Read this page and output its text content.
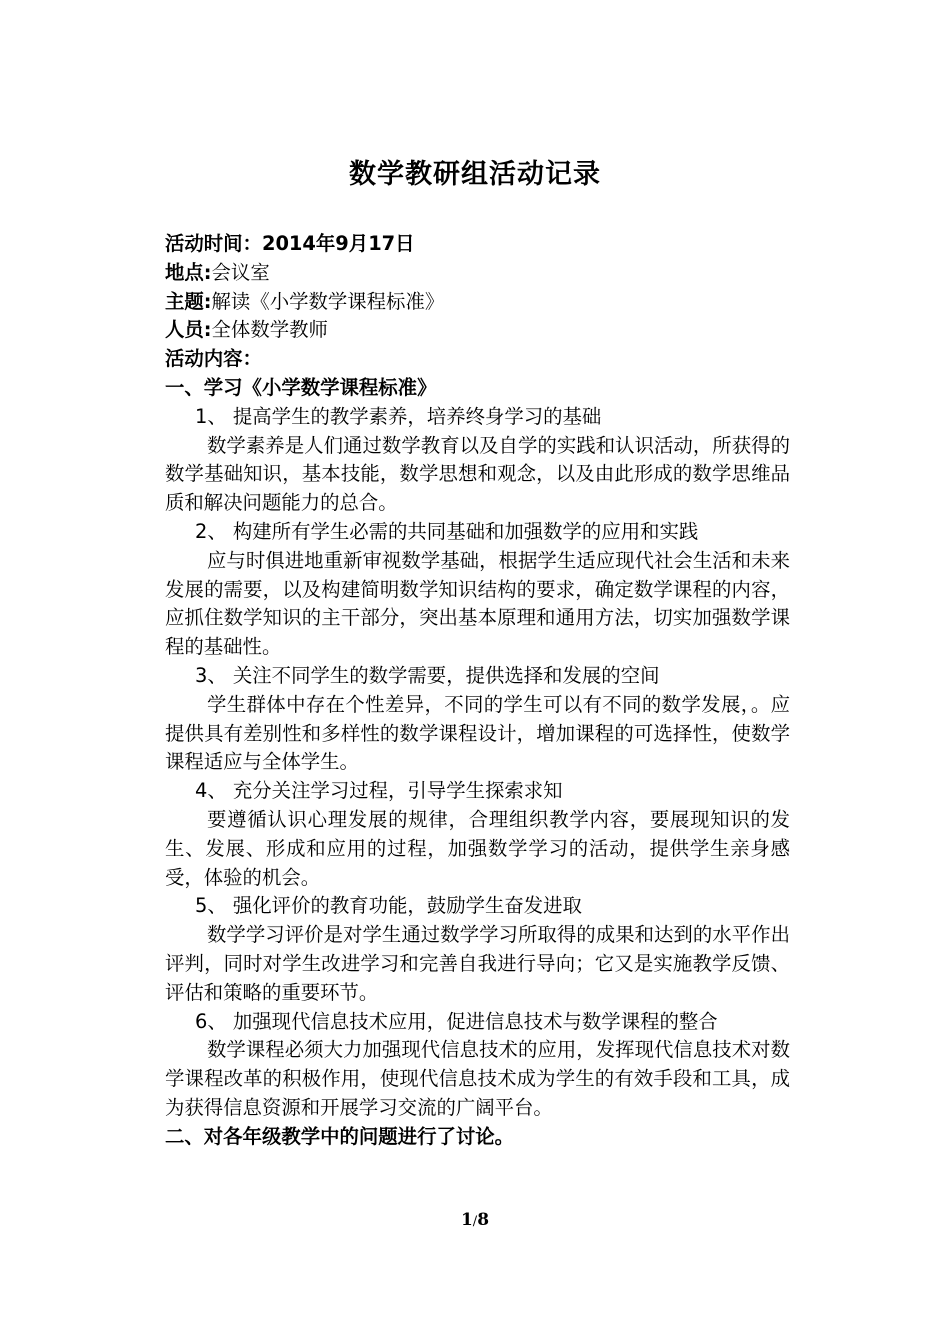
数学教研组活动记录
活动时间：2014年9月17日
地点:会议室
主题:解读《小学数学课程标准》
人员:全体数学教师
活动内容：
一、学习《小学数学课程标准》
1、 提高学生的教学素养，培养终身学习的基础
数学素养是人们通过数学教育以及自学的实践和认识活动，所获得的数学基础知识，基本技能，数学思想和观念，以及由此形成的数学思维品质和解决问题能力的总合。
2、 构建所有学生必需的共同基础和加强数学的应用和实践
应与时俱进地重新审视数学基础，根据学生适应现代社会生活和未来发展的需要，以及构建简明数学知识结构的要求，确定数学课程的内容，应抓住数学知识的主干部分，突出基本原理和通用方法，切实加强数学课程的基础性。
3、 关注不同学生的数学需要，提供选择和发展的空间
学生群体中存在个性差异，不同的学生可以有不同的数学发展，。应提供具有差别性和多样性的数学课程设计，增加课程的可选择性，使数学课程适应与全体学生。
4、 充分关注学习过程，引导学生探索求知
要遵循认识心理发展的规律，合理组织教学内容，要展现知识的发生、发展、形成和应用的过程，加强数学学习的活动，提供学生亲身感受，体验的机会。
5、 强化评价的教育功能，鼓励学生奋发进取
数学学习评价是对学生通过数学学习所取得的成果和达到的水平作出评判，同时对学生改进学习和完善自我进行导向；它又是实施教学反馈、评估和策略的重要环节。
6、 加强现代信息技术应用，促进信息技术与数学课程的整合
数学课程必须大力加强现代信息技术的应用，发挥现代信息技术对数学课程改革的积极作用，使现代信息技术成为学生的有效手段和工具，成为获得信息资源和开展学习交流的广阔平台。
二、对各年级教学中的问题进行了讨论。
1/8
